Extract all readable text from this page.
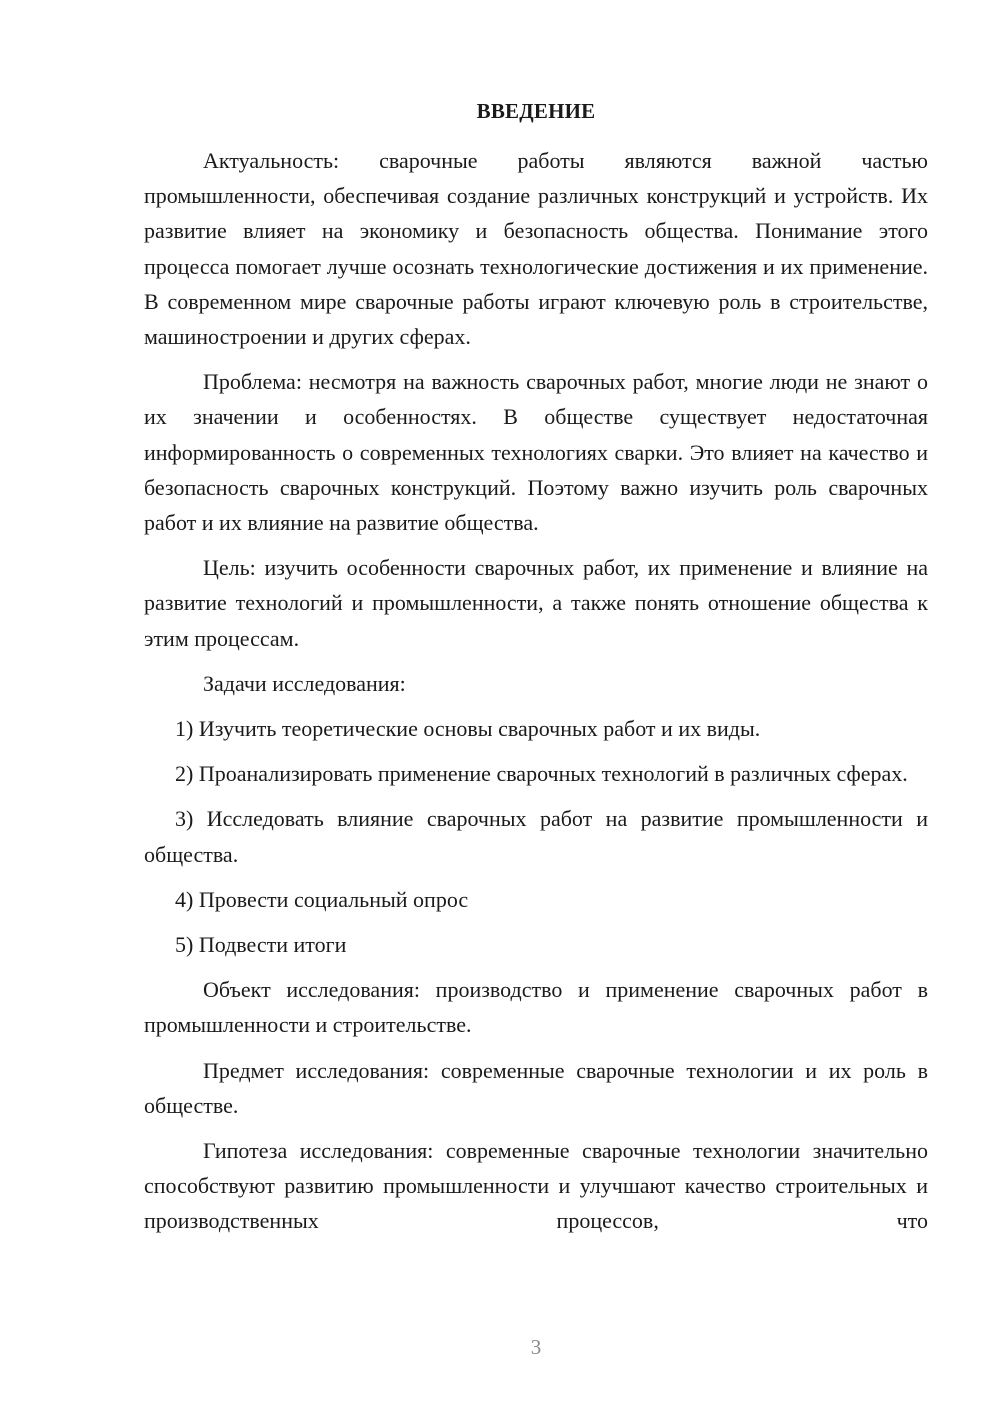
ВВЕДЕНИЕ

Актуальность: сварочные работы являются важной частью промышленности, обеспечивая создание различных конструкций и устройств. Их развитие влияет на экономику и безопасность общества. Понимание этого процесса помогает лучше осознать технологические достижения и их применение. В современном мире сварочные работы играют ключевую роль в строительстве, машиностроении и других сферах.

Проблема: несмотря на важность сварочных работ, многие люди не знают о их значении и особенностях. В обществе существует недостаточная информированность о современных технологиях сварки. Это влияет на качество и безопасность сварочных конструкций. Поэтому важно изучить роль сварочных работ и их влияние на развитие общества.

Цель: изучить особенности сварочных работ, их применение и влияние на развитие технологий и промышленности, а также понять отношение общества к этим процессам.

Задачи исследования:

1) Изучить теоретические основы сварочных работ и их виды.

2) Проанализировать применение сварочных технологий в различных сферах.

3) Исследовать влияние сварочных работ на развитие промышленности и общества.

4) Провести социальный опрос

5) Подвести итоги

Объект исследования: производство и применение сварочных работ в промышленности и строительстве.

Предмет исследования: современные сварочные технологии и их роль в обществе.

Гипотеза исследования: современные сварочные технологии значительно способствуют развитию промышленности и улучшают качество строительных и производственных процессов, что

3
